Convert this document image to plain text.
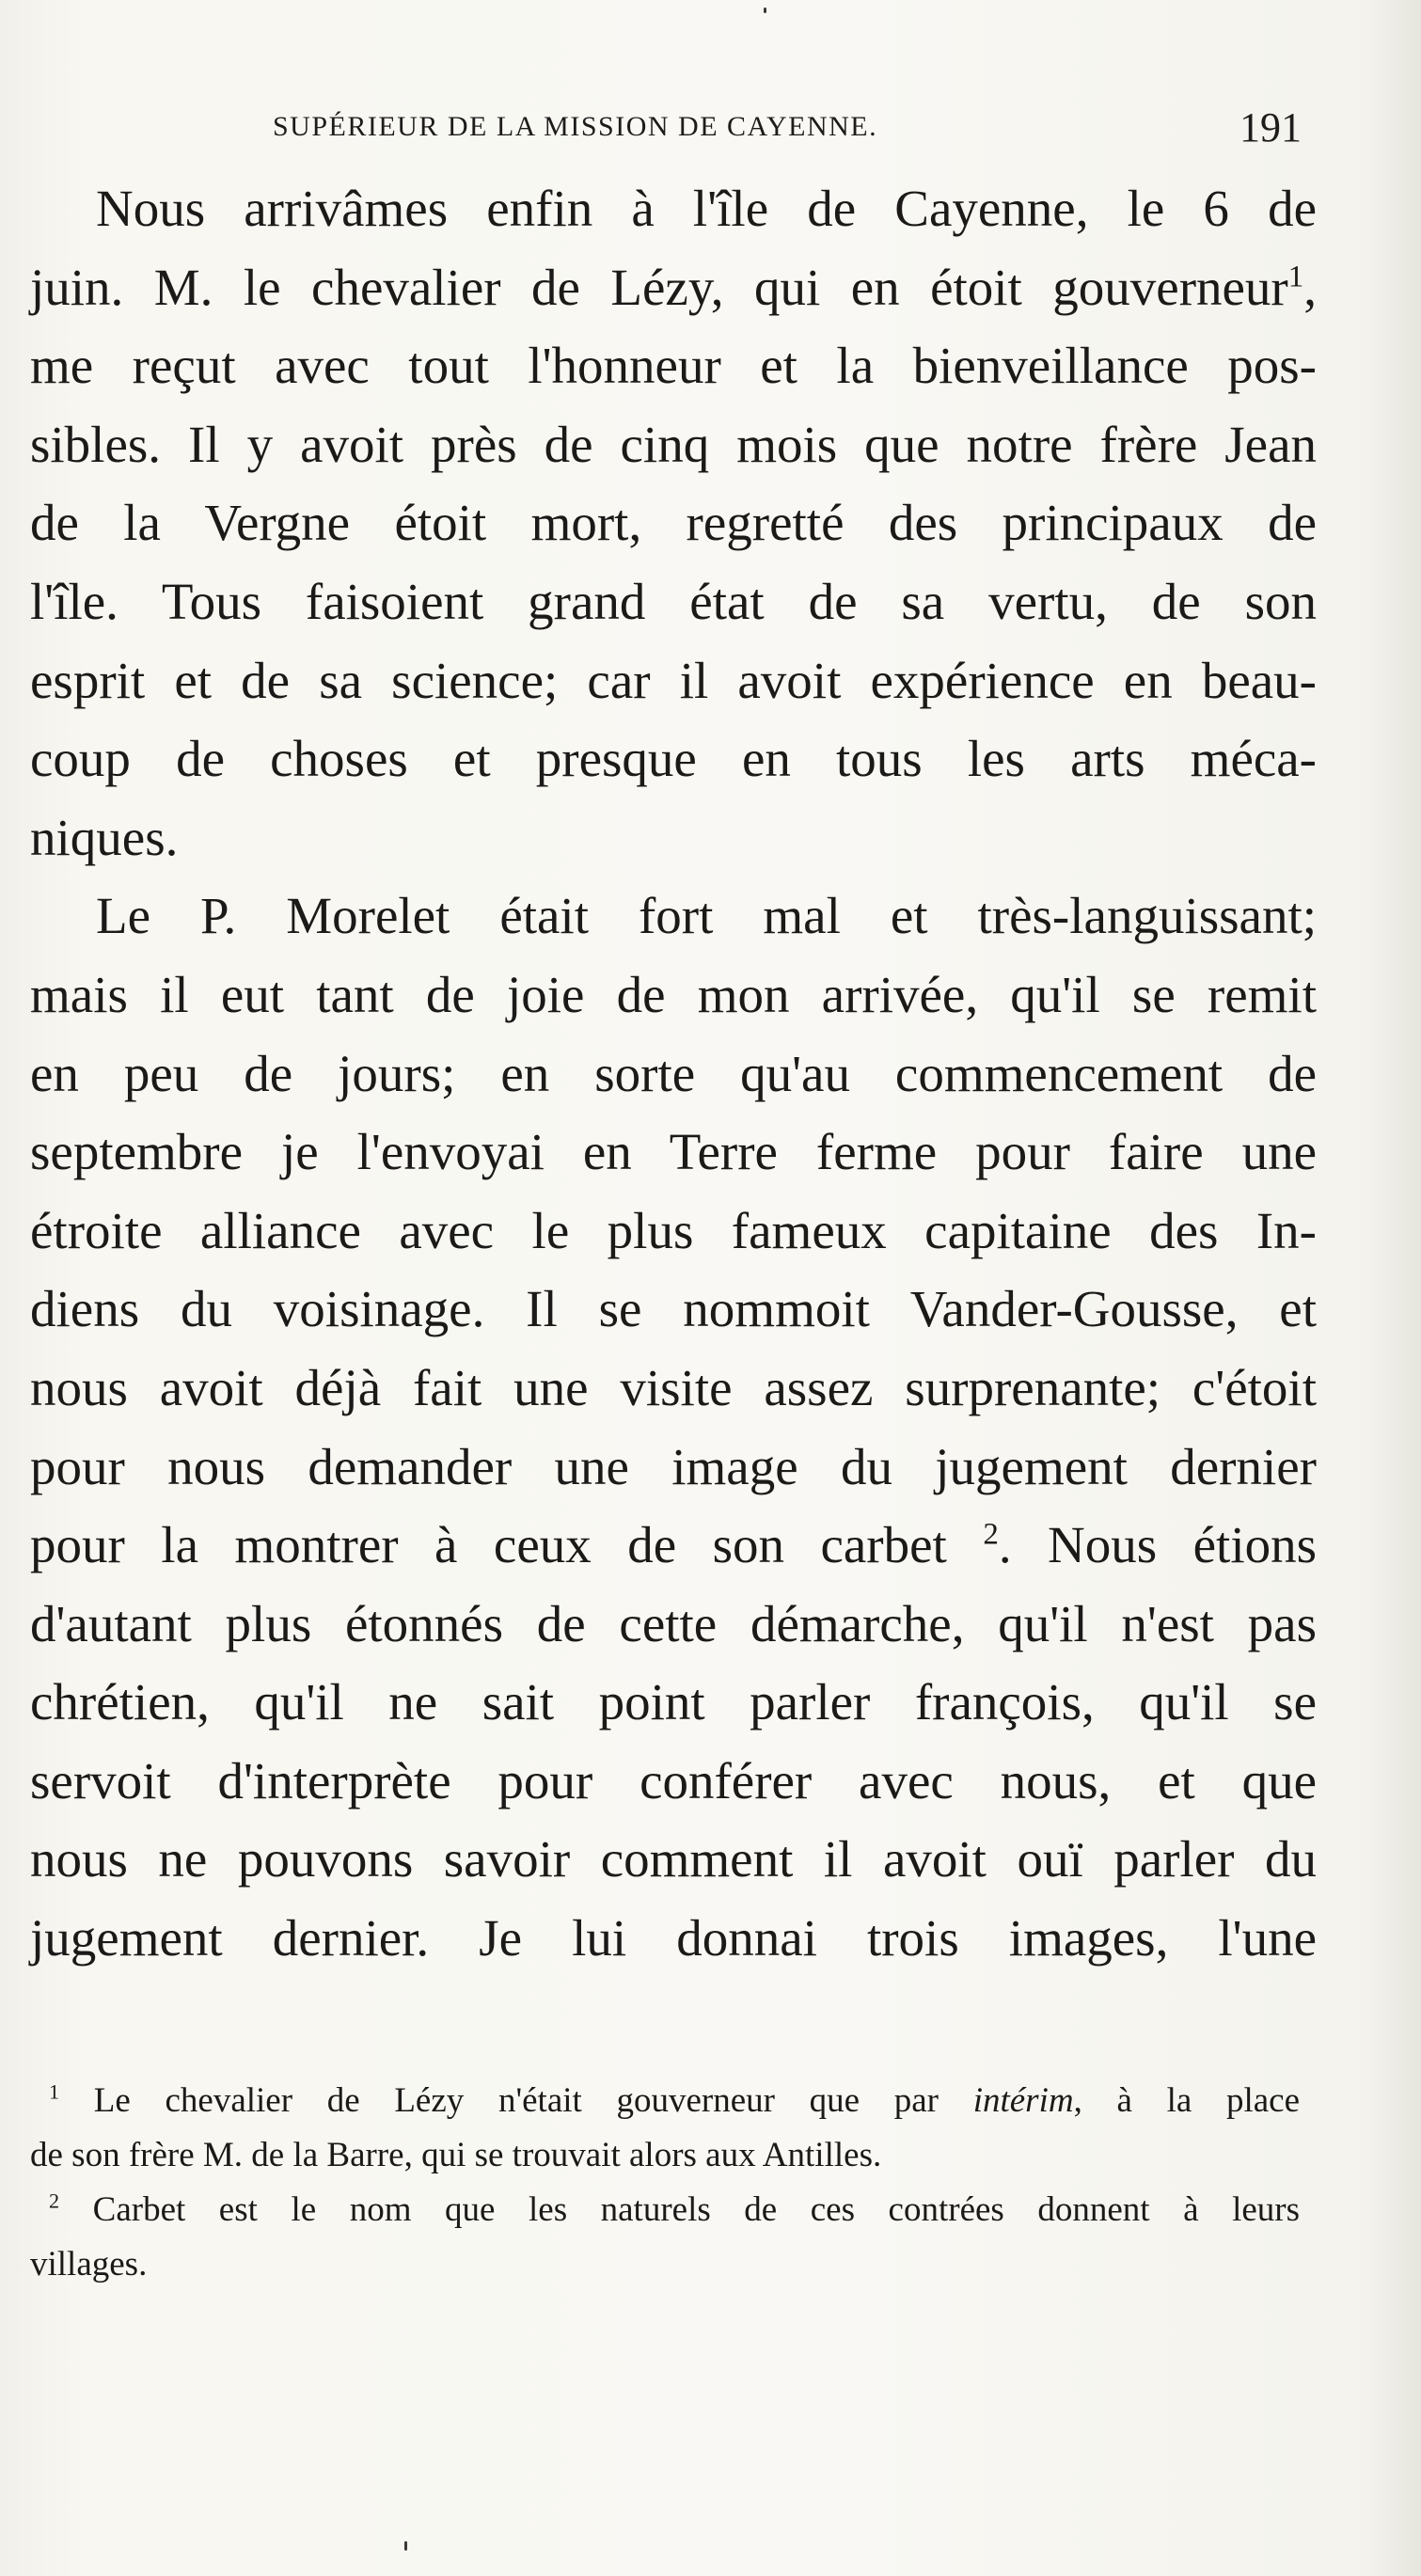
SUPÉRIEUR DE LA MISSION DE CAYENNE.	191

Nous arrivâmes enfin à l'île de Cayenne, le 6 de
juin. M. le chevalier de Lézy, qui en étoit gouverneur$^1$,
me reçut avec tout l'honneur et la bienveillance pos-
sibles. Il y avoit près de cinq mois que notre frère Jean
de la Vergne étoit mort, regretté des principaux de
l'île. Tous faisoient grand état de sa vertu, de son
esprit et de sa science; car il avoit expérience en beau-
coup de choses et presque en tous les arts méca-
niques.

Le P. Morelet était fort mal et très-languissant;
mais il eut tant de joie de mon arrivée, qu'il se remit
en peu de jours; en sorte qu'au commencement de
septembre je l'envoyai en Terre ferme pour faire une
étroite alliance avec le plus fameux capitaine des In-
diens du voisinage. Il se nommoit Vander-Gousse, et
nous avoit déjà fait une visite assez surprenante; c'étoit
pour nous demander une image du jugement dernier
pour la montrer à ceux de son carbet $^2$. Nous étions
d'autant plus étonnés de cette démarche, qu'il n'est pas
chrétien, qu'il ne sait point parler françois, qu'il se
servoit d'interprète pour conférer avec nous, et que
nous ne pouvons savoir comment il avoit ouï parler du
jugement dernier. Je lui donnai trois images, l'une

$^1$ Le chevalier de Lézy n'était gouverneur que par intérim, à la place
de son frère M. de la Barre, qui se trouvait alors aux Antilles.
$^2$ Carbet est le nom que les naturels de ces contrées donnent à leurs
villages.
